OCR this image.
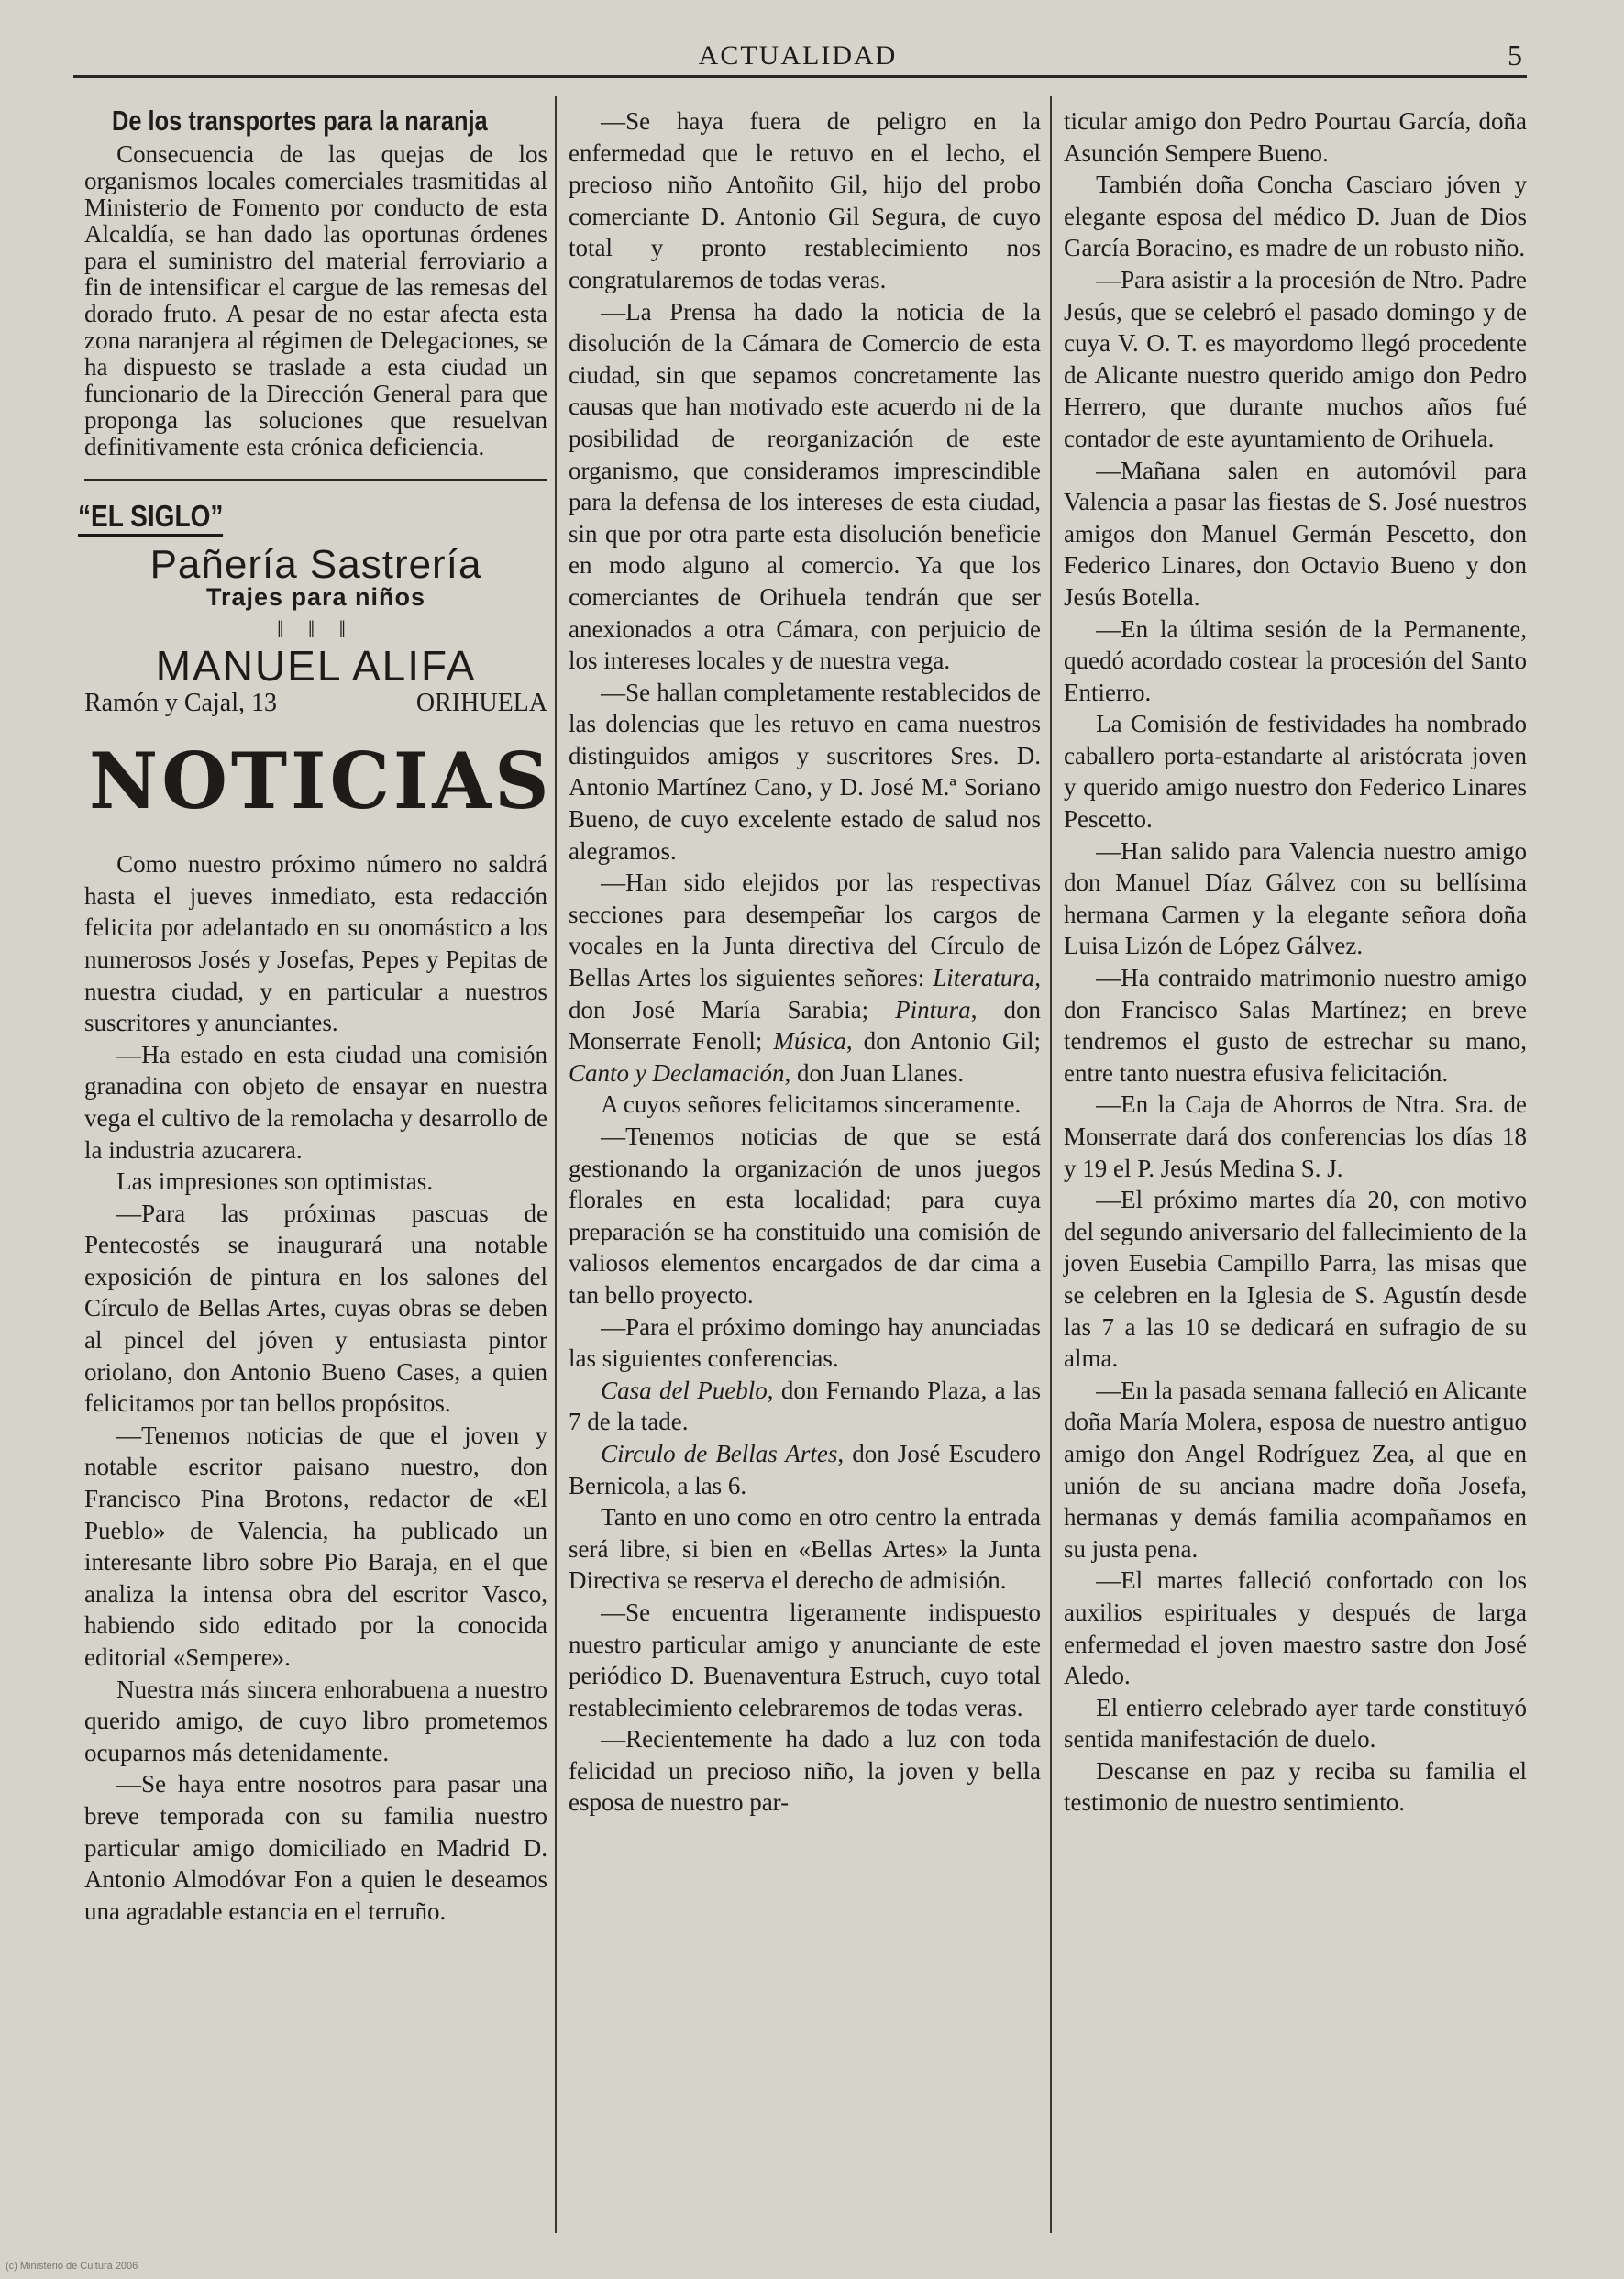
ACTUALIDAD	5
De los transportes para la naranja

Consecuencia de las quejas de los organismos locales comerciales trasmitidas al Ministerio de Fomento por conducto de esta Alcaldía, se han dado las oportunas órdenes para el suministro del material ferroviario a fin de intensificar el cargue de las remesas del dorado fruto. A pesar de no estar afecta esta zona naranjera al régimen de Delegaciones, se ha dispuesto se traslade a esta ciudad un funcionario de la Dirección General para que proponga las soluciones que resuelvan definitivamente esta crónica deficiencia.

“EL SIGLO”
Pañería Sastrería
Trajes para niños
‖ ‖ ‖
MANUEL ALIFA
Ramón y Cajal, 13	ORIHUELA
NOTICIAS

Como nuestro próximo número no saldrá hasta el jueves inmediato, esta redacción felicita por adelantado en su onomástico a los numerosos Josés y Josefas, Pepes y Pepitas de nuestra ciudad, y en particular a nuestros suscritores y anunciantes.

—Ha estado en esta ciudad una comisión granadina con objeto de ensayar en nuestra vega el cultivo de la remolacha y desarrollo de la industria azucarera.

Las impresiones son optimistas.

—Para las próximas pascuas de Pentecostés se inaugurará una notable exposición de pintura en los salones del Círculo de Bellas Artes, cuyas obras se deben al pincel del jóven y entusiasta pintor oriolano, don Antonio Bueno Cases, a quien felicitamos por tan bellos propósitos.

—Tenemos noticias de que el joven y notable escritor paisano nuestro, don Francisco Pina Brotons, redactor de «El Pueblo» de Valencia, ha publicado un interesante libro sobre Pio Baraja, en el que analiza la intensa obra del escritor Vasco, habiendo sido editado por la conocida editorial «Sempere».

Nuestra más sincera enhorabuena a nuestro querido amigo, de cuyo libro prometemos ocuparnos más detenidamente.

—Se haya entre nosotros para pasar una breve temporada con su familia nuestro particular amigo domiciliado en Madrid D. Antonio Almodóvar Fon a quien le deseamos una agradable estancia en el terruño.

—Se haya fuera de peligro en la enfermedad que le retuvo en el lecho, el precioso niño Antoñito Gil, hijo del probo comerciante D. Antonio Gil Segura, de cuyo total y pronto restablecimiento nos congratularemos de todas veras.

—La Prensa ha dado la noticia de la disolución de la Cámara de Comercio de esta ciudad, sin que sepamos concretamente las causas que han motivado este acuerdo ni de la posibilidad de reorganización de este organismo, que consideramos imprescindible para la defensa de los intereses de esta ciudad, sin que por otra parte esta disolución beneficie en modo alguno al comercio. Ya que los comerciantes de Orihuela tendrán que ser anexionados a otra Cámara, con perjuicio de los intereses locales y de nuestra vega.

—Se hallan completamente restablecidos de las dolencias que les retuvo en cama nuestros distinguidos amigos y suscritores Sres. D. Antonio Martínez Cano, y D. José M.ª Soriano Bueno, de cuyo excelente estado de salud nos alegramos.

—Han sido elejidos por las respectivas secciones para desempeñar los cargos de vocales en la Junta directiva del Círculo de Bellas Artes los siguientes señores: Literatura, don José María Sarabia; Pintura, don Monserrate Fenoll; Música, don Antonio Gil; Canto y Declamación, don Juan Llanes.

A cuyos señores felicitamos sinceramente.

—Tenemos noticias de que se está gestionando la organización de unos juegos florales en esta localidad; para cuya preparación se ha constituido una comisión de valiosos elementos encargados de dar cima a tan bello proyecto.

—Para el próximo domingo hay anunciadas las siguientes conferencias.

Casa del Pueblo, don Fernando Plaza, a las 7 de la tade.

Circulo de Bellas Artes, don José Escudero Bernicola, a las 6.

Tanto en uno como en otro centro la entrada será libre, si bien en «Bellas Artes» la Junta Directiva se reserva el derecho de admisión.

—Se encuentra ligeramente indispuesto nuestro particular amigo y anunciante de este periódico D. Buenaventura Estruch, cuyo total restablecimiento celebraremos de todas veras.

—Recientemente ha dado a luz con toda felicidad un precioso niño, la joven y bella esposa de nuestro par-

ticular amigo don Pedro Pourtau García, doña Asunción Sempere Bueno.

También doña Concha Casciaro jóven y elegante esposa del médico D. Juan de Dios García Boracino, es madre de un robusto niño.

—Para asistir a la procesión de Ntro. Padre Jesús, que se celebró el pasado domingo y de cuya V. O. T. es mayordomo llegó procedente de Alicante nuestro querido amigo don Pedro Herrero, que durante muchos años fué contador de este ayuntamiento de Orihuela.

—Mañana salen en automóvil para Valencia a pasar las fiestas de S. José nuestros amigos don Manuel Germán Pescetto, don Federico Linares, don Octavio Bueno y don Jesús Botella.

—En la última sesión de la Permanente, quedó acordado costear la procesión del Santo Entierro.

La Comisión de festividades ha nombrado caballero porta-estandarte al aristócrata joven y querido amigo nuestro don Federico Linares Pescetto.

—Han salido para Valencia nuestro amigo don Manuel Díaz Gálvez con su bellísima hermana Carmen y la elegante señora doña Luisa Lizón de López Gálvez.

—Ha contraido matrimonio nuestro amigo don Francisco Salas Martínez; en breve tendremos el gusto de estrechar su mano, entre tanto nuestra efusiva felicitación.

—En la Caja de Ahorros de Ntra. Sra. de Monserrate dará dos conferencias los días 18 y 19 el P. Jesús Medina S. J.

—El próximo martes día 20, con motivo del segundo aniversario del fallecimiento de la joven Eusebia Campillo Parra, las misas que se celebren en la Iglesia de S. Agustín desde las 7 a las 10 se dedicará en sufragio de su alma.

—En la pasada semana falleció en Alicante doña María Molera, esposa de nuestro antiguo amigo don Angel Rodríguez Zea, al que en unión de su anciana madre doña Josefa, hermanas y demás familia acompañamos en su justa pena.

—El martes falleció confortado con los auxilios espirituales y después de larga enfermedad el joven maestro sastre don José Aledo.

El entierro celebrado ayer tarde constituyó sentida manifestación de duelo.

Descanse en paz y reciba su familia el testimonio de nuestro sentimiento.

(c) Ministerio de Cultura 2006
